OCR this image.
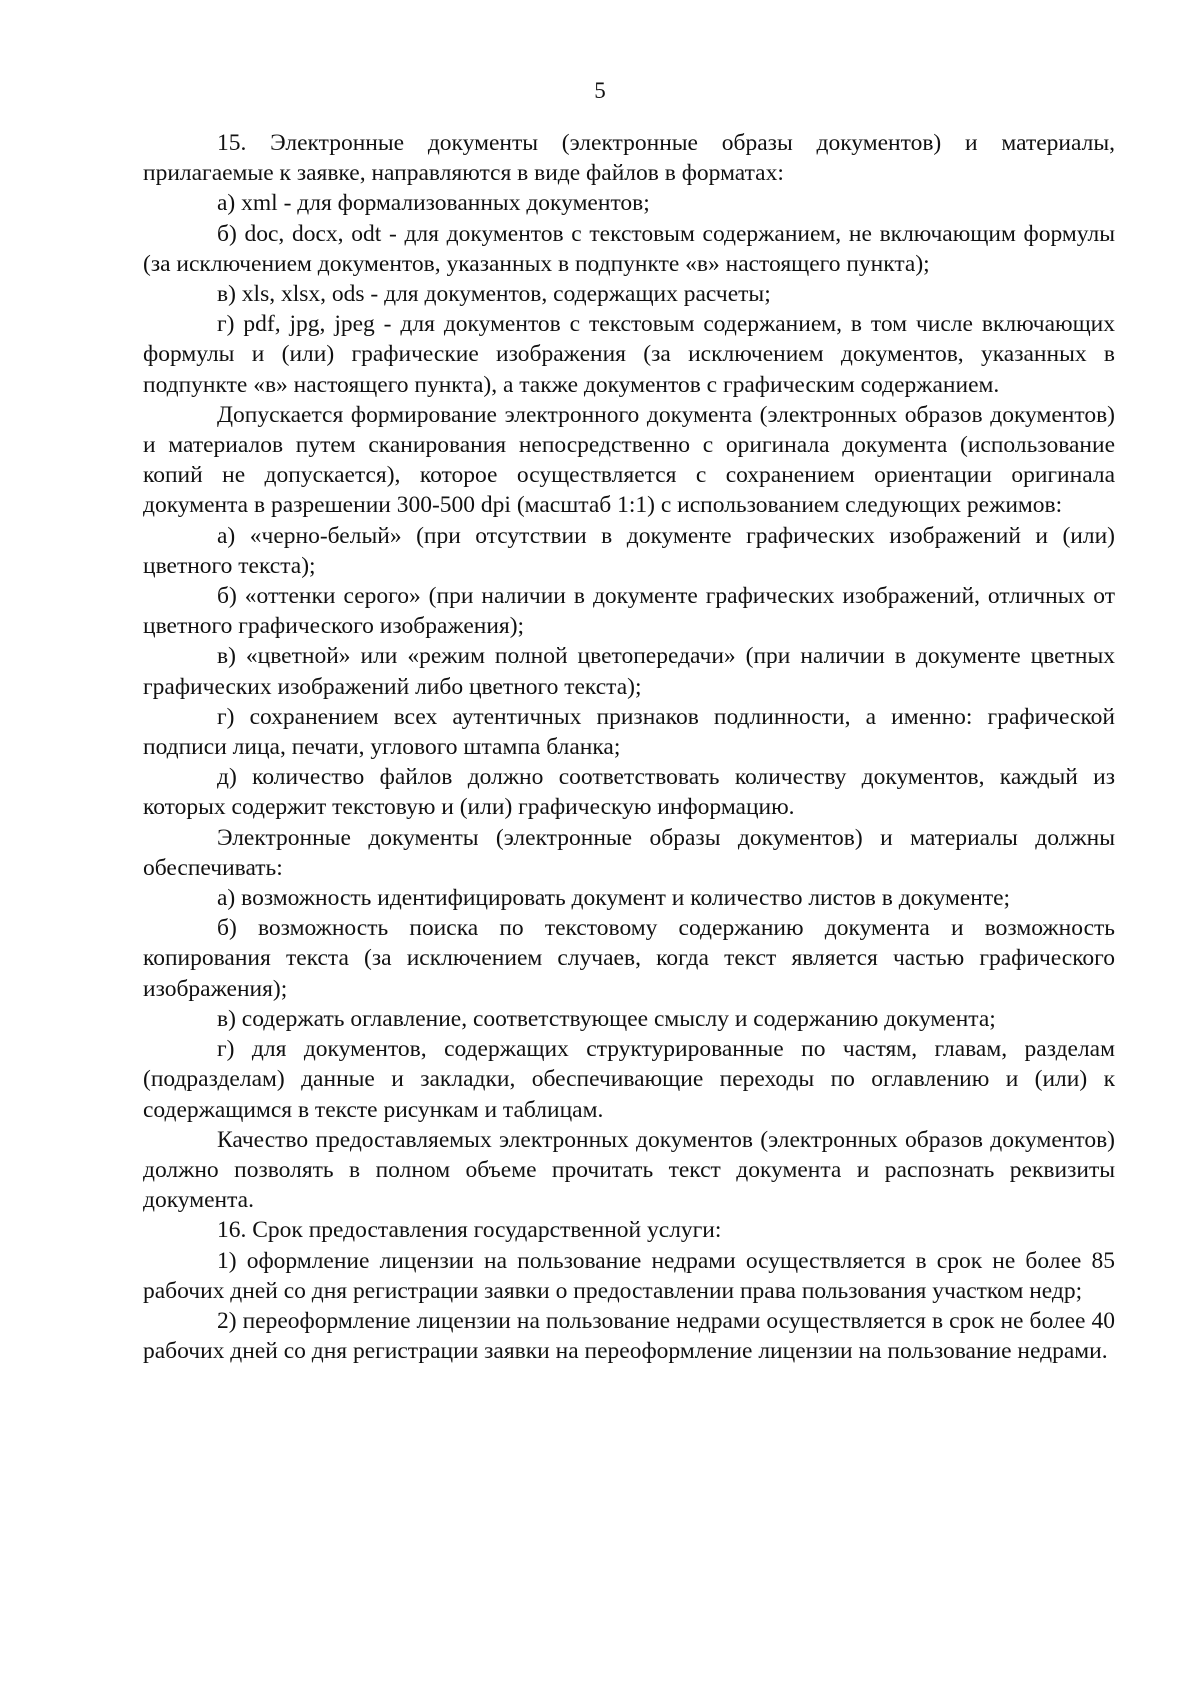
5

15. Электронные документы (электронные образы документов) и материалы, прилагаемые к заявке, направляются в виде файлов в форматах:

а) xml - для формализованных документов;

б) doc, docx, odt - для документов с текстовым содержанием, не включающим формулы (за исключением документов, указанных в подпункте «в» настоящего пункта);

в) xls, xlsx, ods - для документов, содержащих расчеты;

г) pdf, jpg, jpeg - для документов с текстовым содержанием, в том числе включающих формулы и (или) графические изображения (за исключением документов, указанных в подпункте «в» настоящего пункта), а также документов с графическим содержанием.

Допускается формирование электронного документа (электронных образов документов) и материалов путем сканирования непосредственно с оригинала документа (использование копий не допускается), которое осуществляется с сохранением ориентации оригинала документа в разрешении 300-500 dpi (масштаб 1:1) с использованием следующих режимов:

а) «черно-белый» (при отсутствии в документе графических изображений и (или) цветного текста);

б) «оттенки серого» (при наличии в документе графических изображений, отличных от цветного графического изображения);

в) «цветной» или «режим полной цветопередачи» (при наличии в документе цветных графических изображений либо цветного текста);

г) сохранением всех аутентичных признаков подлинности, а именно: графической подписи лица, печати, углового штампа бланка;

д) количество файлов должно соответствовать количеству документов, каждый из которых содержит текстовую и (или) графическую информацию.

Электронные документы (электронные образы документов) и материалы должны обеспечивать:

а) возможность идентифицировать документ и количество листов в документе;

б) возможность поиска по текстовому содержанию документа и возможность копирования текста (за исключением случаев, когда текст является частью графического изображения);

в) содержать оглавление, соответствующее смыслу и содержанию документа;

г) для документов, содержащих структурированные по частям, главам, разделам (подразделам) данные и закладки, обеспечивающие переходы по оглавлению и (или) к содержащимся в тексте рисункам и таблицам.

Качество предоставляемых электронных документов (электронных образов документов) должно позволять в полном объеме прочитать текст документа и распознать реквизиты документа.

16. Срок предоставления государственной услуги:

1) оформление лицензии на пользование недрами осуществляется в срок не более 85 рабочих дней со дня регистрации заявки о предоставлении права пользования участком недр;

2) переоформление лицензии на пользование недрами осуществляется в срок не более 40 рабочих дней со дня регистрации заявки на переоформление лицензии на пользование недрами.
